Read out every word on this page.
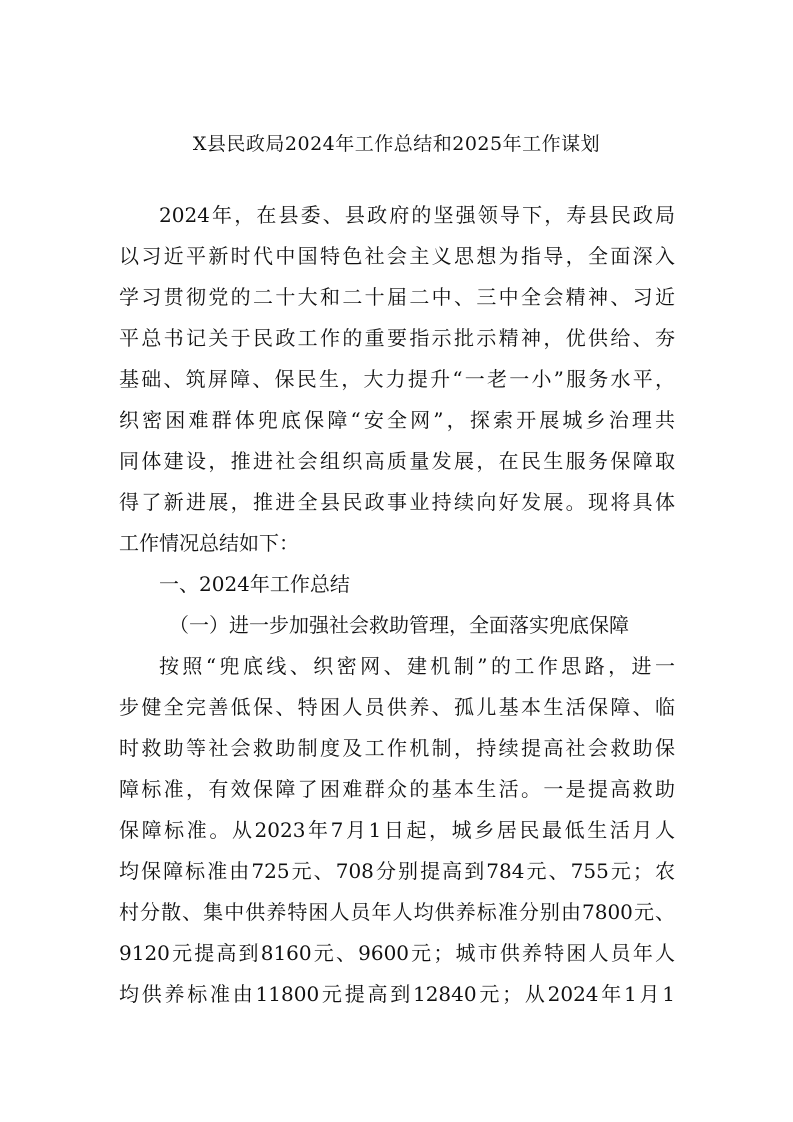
X县民政局2024年工作总结和2025年工作谋划
2024年，在县委、县政府的坚强领导下，寿县民政局
以习近平新时代中国特色社会主义思想为指导，全面深入
学习贯彻党的二十大和二十届二中、三中全会精神、习近
平总书记关于民政工作的重要指示批示精神，优供给、夯
基础、筑屏障、保民生，大力提升“一老一小”服务水平，
织密困难群体兜底保障“安全网”，探索开展城乡治理共
同体建设，推进社会组织高质量发展，在民生服务保障取
得了新进展，推进全县民政事业持续向好发展。现将具体
工作情况总结如下：
一、2024年工作总结
（一）进一步加强社会救助管理，全面落实兜底保障
按照“兜底线、织密网、建机制”的工作思路，进一
步健全完善低保、特困人员供养、孤儿基本生活保障、临
时救助等社会救助制度及工作机制，持续提高社会救助保
障标准，有效保障了困难群众的基本生活。一是提高救助
保障标准。从2023年7月1日起，城乡居民最低生活月人
均保障标准由725元、708分别提高到784元、755元；农
村分散、集中供养特困人员年人均供养标准分别由7800元、
9120元提高到8160元、9600元；城市供养特困人员年人
均供养标准由11800元提高到12840元；从2024年1月1
